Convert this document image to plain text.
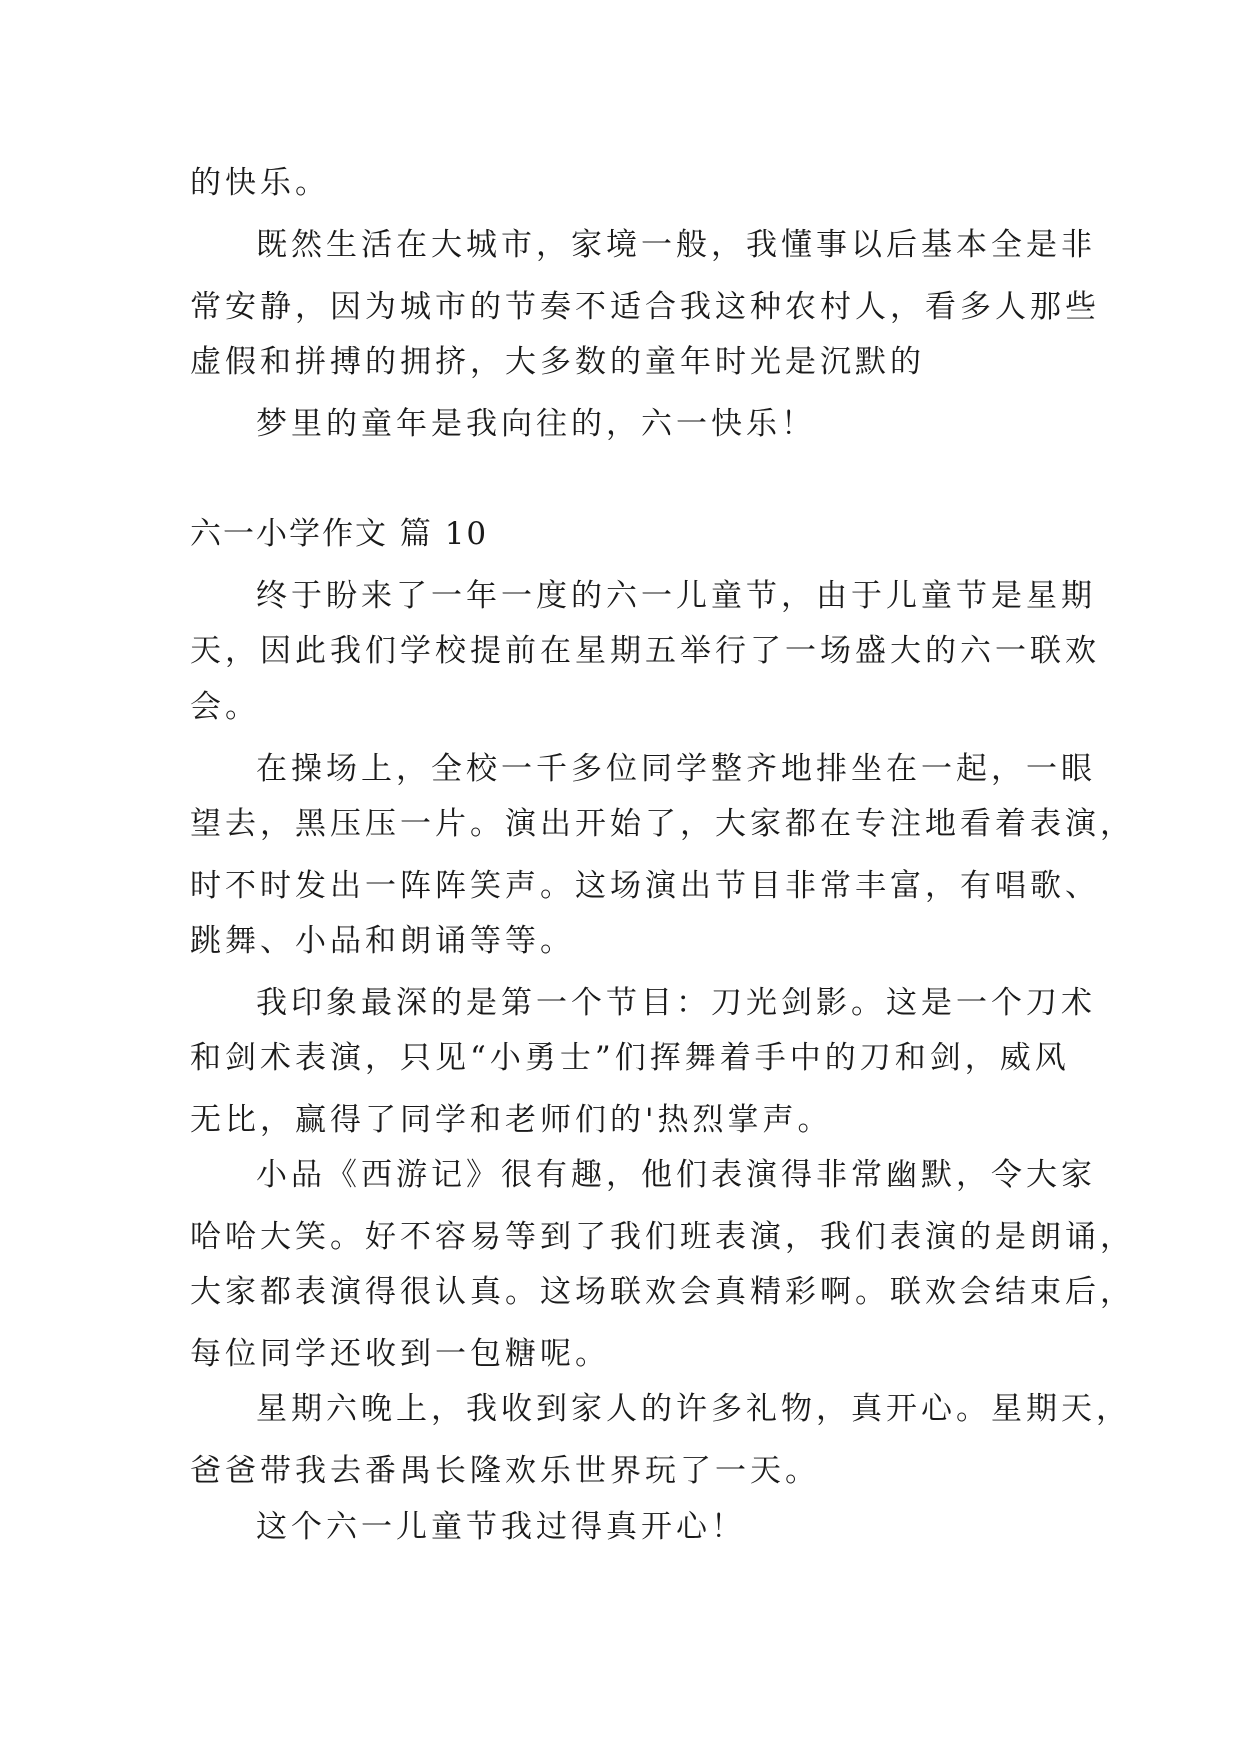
的快乐。
既然生活在大城市，家境一般，我懂事以后基本全是非
常安静，因为城市的节奏不适合我这种农村人，看多人那些
虚假和拼搏的拥挤，大多数的童年时光是沉默的
梦里的童年是我向往的，六一快乐！
六一小学作文 篇 10
终于盼来了一年一度的六一儿童节，由于儿童节是星期
天，因此我们学校提前在星期五举行了一场盛大的六一联欢
会。
在操场上，全校一千多位同学整齐地排坐在一起，一眼
望去，黑压压一片。演出开始了，大家都在专注地看着表演，
时不时发出一阵阵笑声。这场演出节目非常丰富，有唱歌、
跳舞、小品和朗诵等等。
我印象最深的是第一个节目：刀光剑影。这是一个刀术
和剑术表演，只见“小勇士”们挥舞着手中的刀和剑，威风
无比，赢得了同学和老师们的'热烈掌声。
小品《西游记》很有趣，他们表演得非常幽默，令大家
哈哈大笑。好不容易等到了我们班表演，我们表演的是朗诵，
大家都表演得很认真。这场联欢会真精彩啊。联欢会结束后，
每位同学还收到一包糖呢。
星期六晚上，我收到家人的许多礼物，真开心。星期天，
爸爸带我去番禺长隆欢乐世界玩了一天。
这个六一儿童节我过得真开心！
